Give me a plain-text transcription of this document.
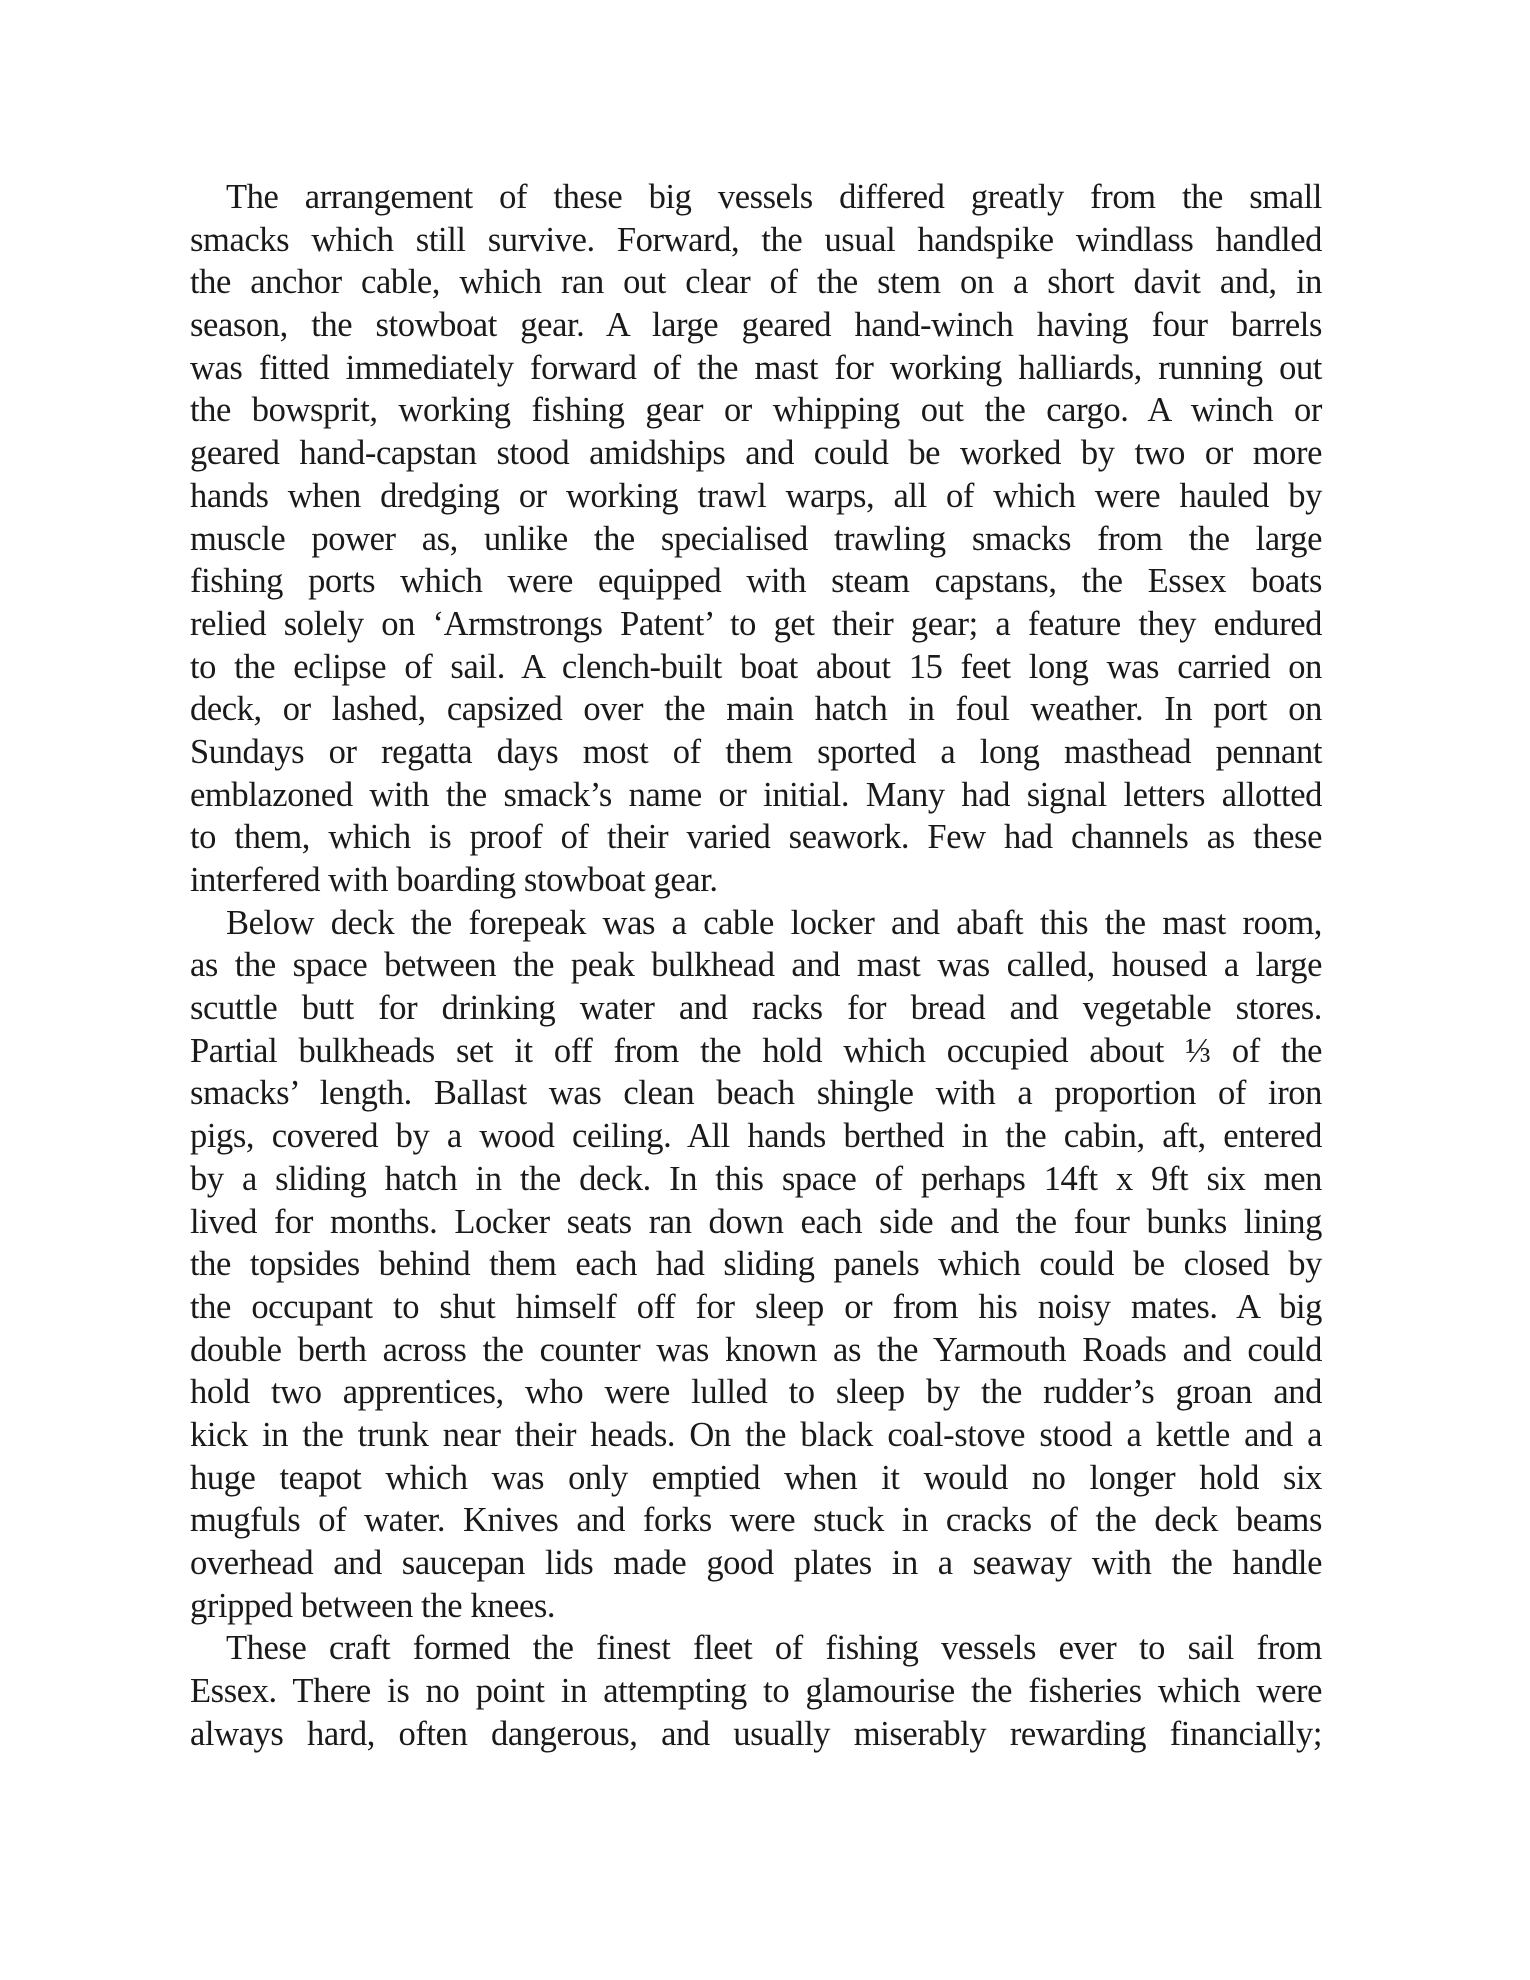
The arrangement of these big vessels differed greatly from the small
smacks which still survive. Forward, the usual handspike windlass handled
the anchor cable, which ran out clear of the stem on a short davit and, in
season, the stowboat gear. A large geared hand-winch having four barrels
was fitted immediately forward of the mast for working halliards, running out
the bowsprit, working fishing gear or whipping out the cargo. A winch or
geared hand-capstan stood amidships and could be worked by two or more
hands when dredging or working trawl warps, all of which were hauled by
muscle power as, unlike the specialised trawling smacks from the large
fishing ports which were equipped with steam capstans, the Essex boats
relied solely on ‘Armstrongs Patent’ to get their gear; a feature they endured
to the eclipse of sail. A clench-built boat about 15 feet long was carried on
deck, or lashed, capsized over the main hatch in foul weather. In port on
Sundays or regatta days most of them sported a long masthead pennant
emblazoned with the smack’s name or initial. Many had signal letters allotted
to them, which is proof of their varied seawork. Few had channels as these
interfered with boarding stowboat gear.
Below deck the forepeak was a cable locker and abaft this the mast room,
as the space between the peak bulkhead and mast was called, housed a large
scuttle butt for drinking water and racks for bread and vegetable stores.
Partial bulkheads set it off from the hold which occupied about ⅓ of the
smacks’ length. Ballast was clean beach shingle with a proportion of iron
pigs, covered by a wood ceiling. All hands berthed in the cabin, aft, entered
by a sliding hatch in the deck. In this space of perhaps 14ft x 9ft six men
lived for months. Locker seats ran down each side and the four bunks lining
the topsides behind them each had sliding panels which could be closed by
the occupant to shut himself off for sleep or from his noisy mates. A big
double berth across the counter was known as the Yarmouth Roads and could
hold two apprentices, who were lulled to sleep by the rudder’s groan and
kick in the trunk near their heads. On the black coal-stove stood a kettle and a
huge teapot which was only emptied when it would no longer hold six
mugfuls of water. Knives and forks were stuck in cracks of the deck beams
overhead and saucepan lids made good plates in a seaway with the handle
gripped between the knees.
These craft formed the finest fleet of fishing vessels ever to sail from
Essex. There is no point in attempting to glamourise the fisheries which were
always hard, often dangerous, and usually miserably rewarding financially;
